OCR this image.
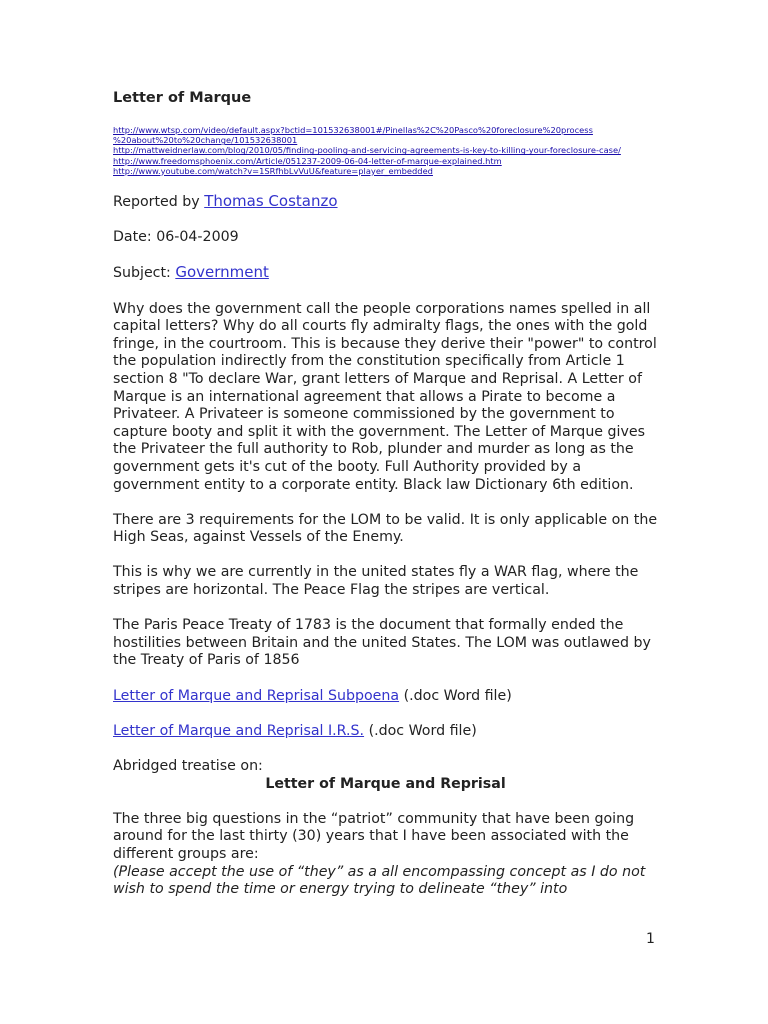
Letter of Marque
http://www.wtsp.com/video/default.aspx?bctid=101532638001#/Pinellas%2C%20Pasco%20foreclosure%20process
%20about%20to%20change/101532638001
http://mattweidnerlaw.com/blog/2010/05/finding-pooling-and-servicing-agreements-is-key-to-killing-your-foreclosure-case/
http://www.freedomsphoenix.com/Article/051237-2009-06-04-letter-of-marque-explained.htm
http://www.youtube.com/watch?v=1SRfhbLvVuU&feature=player_embedded

Reported by Thomas Costanzo

Date: 06-04-2009

Subject: Government

Why does the government call the people corporations names spelled in all capital letters? Why do all courts fly admiralty flags, the ones with the gold fringe, in the courtroom. This is because they derive their "power" to control the population indirectly from the constitution specifically from Article 1 section 8 "To declare War, grant letters of Marque and Reprisal. A Letter of Marque is an international agreement that allows a Pirate to become a Privateer. A Privateer is someone commissioned by the government to capture booty and split it with the government. The Letter of Marque gives the Privateer the full authority to Rob, plunder and murder as long as the government gets it's cut of the booty. Full Authority provided by a government entity to a corporate entity. Black law Dictionary 6th edition.

There are 3 requirements for the LOM to be valid. It is only applicable on the High Seas, against Vessels of the Enemy.

This is why we are currently in the united states fly a WAR flag, where the stripes are horizontal. The Peace Flag the stripes are vertical.

The Paris Peace Treaty of 1783 is the document that formally ended the hostilities between Britain and the united States. The LOM was outlawed by the Treaty of Paris of 1856

Letter of Marque and Reprisal Subpoena (.doc Word file)

Letter of Marque and Reprisal I.R.S. (.doc Word file)

Abridged treatise on:

Letter of Marque and Reprisal

The three big questions in the “patriot” community that have been going around for the last thirty (30) years that I have been associated with the different groups are:

(Please accept the use of “they” as a all encompassing concept as I do not wish to spend the time or energy trying to delineate “they” into

1
